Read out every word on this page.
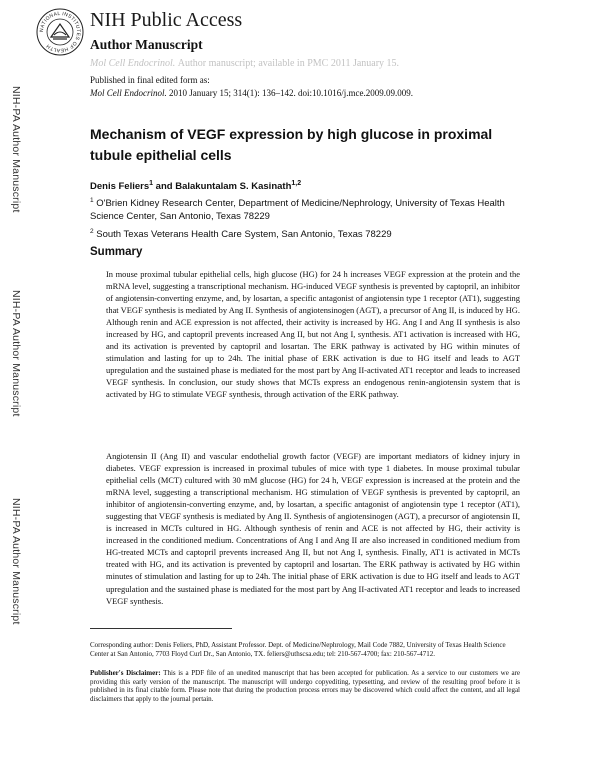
NATIONAL INSTITUTES OF HEALTH
NIH Public Access
Author Manuscript
Mol Cell Endocrinol. Author manuscript; available in PMC 2011 January 15.
Published in final edited form as:
Mol Cell Endocrinol. 2010 January 15; 314(1): 136–142. doi:10.1016/j.mce.2009.09.009.
NIH-PA Author Manuscript
NIH-PA Author Manuscript
NIH-PA Author Manuscript
Mechanism of VEGF expression by high glucose in proximal tubule epithelial cells
Denis Feliers$^1$ and Balakuntalam S. Kasinath$^{1,2}$
$^1$ O'Brien Kidney Research Center, Department of Medicine/Nephrology, University of Texas Health Science Center, San Antonio, Texas 78229
$^2$ South Texas Veterans Health Care System, San Antonio, Texas 78229
Summary

In mouse proximal tubular epithelial cells, high glucose (HG) for 24 h increases VEGF expression at the protein and the mRNA level, suggesting a transcriptional mechanism. HG-induced VEGF synthesis is prevented by captopril, an inhibitor of angiotensin-converting enzyme, and, by losartan, a specific antagonist of angiotensin type 1 receptor (AT1), suggesting that VEGF synthesis is mediated by Ang II. Synthesis of angiotensinogen (AGT), a precursor of Ang II, is induced by HG. Although renin and ACE expression is not affected, their activity is increased by HG. Ang I and Ang II synthesis is also increased by HG, and captopril prevents increased Ang II, but not Ang I, synthesis. AT1 activation is increased with HG, and its activation is prevented by captopril and losartan. The ERK pathway is activated by HG within minutes of stimulation and lasting for up to 24h. The initial phase of ERK activation is due to HG itself and leads to AGT upregulation and the sustained phase is mediated for the most part by Ang II-activated AT1 receptor and leads to increased VEGF synthesis. In conclusion, our study shows that MCTs express an endogenous renin-angiotensin system that is activated by HG to stimulate VEGF synthesis, through activation of the ERK pathway.

Angiotensin II (Ang II) and vascular endothelial growth factor (VEGF) are important mediators of kidney injury in diabetes. VEGF expression is increased in proximal tubules of mice with type 1 diabetes. In mouse proximal tubular epithelial cells (MCT) cultured with 30 mM glucose (HG) for 24 h, VEGF expression is increased at the protein and the mRNA level, suggesting a transcriptional mechanism. HG stimulation of VEGF synthesis is prevented by captopril, an inhibitor of angiotensin-converting enzyme, and, by losartan, a specific antagonist of angiotensin type 1 receptor (AT1), suggesting that VEGF synthesis is mediated by Ang II. Synthesis of angiotensinogen (AGT), a precursor of angiotensin II, is increased in MCTs cultured in HG. Although synthesis of renin and ACE is not affected by HG, their activity is increased in the conditioned medium. Concentrations of Ang I and Ang II are also increased in conditioned medium from HG-treated MCTs and captopril prevents increased Ang II, but not Ang I, synthesis. Finally, AT1 is activated in MCTs treated with HG, and its activation is prevented by captopril and losartan. The ERK pathway is activated by HG within minutes of stimulation and lasting for up to 24h. The initial phase of ERK activation is due to HG itself and leads to AGT upregulation and the sustained phase is mediated for the most part by Ang II-activated AT1 receptor and leads to increased VEGF synthesis.

Corresponding author: Denis Feliers, PhD, Assistant Professor. Dept. of Medicine/Nephrology, Mail Code 7882, University of Texas Health Science Center at San Antonio, 7703 Floyd Curl Dr., San Antonio, TX. feliers@uthscsa.edu; tel: 210-567-4700; fax: 210-567-4712.

Publisher's Disclaimer: This is a PDF file of an unedited manuscript that has been accepted for publication. As a service to our customers we are providing this early version of the manuscript. The manuscript will undergo copyediting, typesetting, and review of the resulting proof before it is published in its final citable form. Please note that during the production process errors may be discovered which could affect the content, and all legal disclaimers that apply to the journal pertain.
